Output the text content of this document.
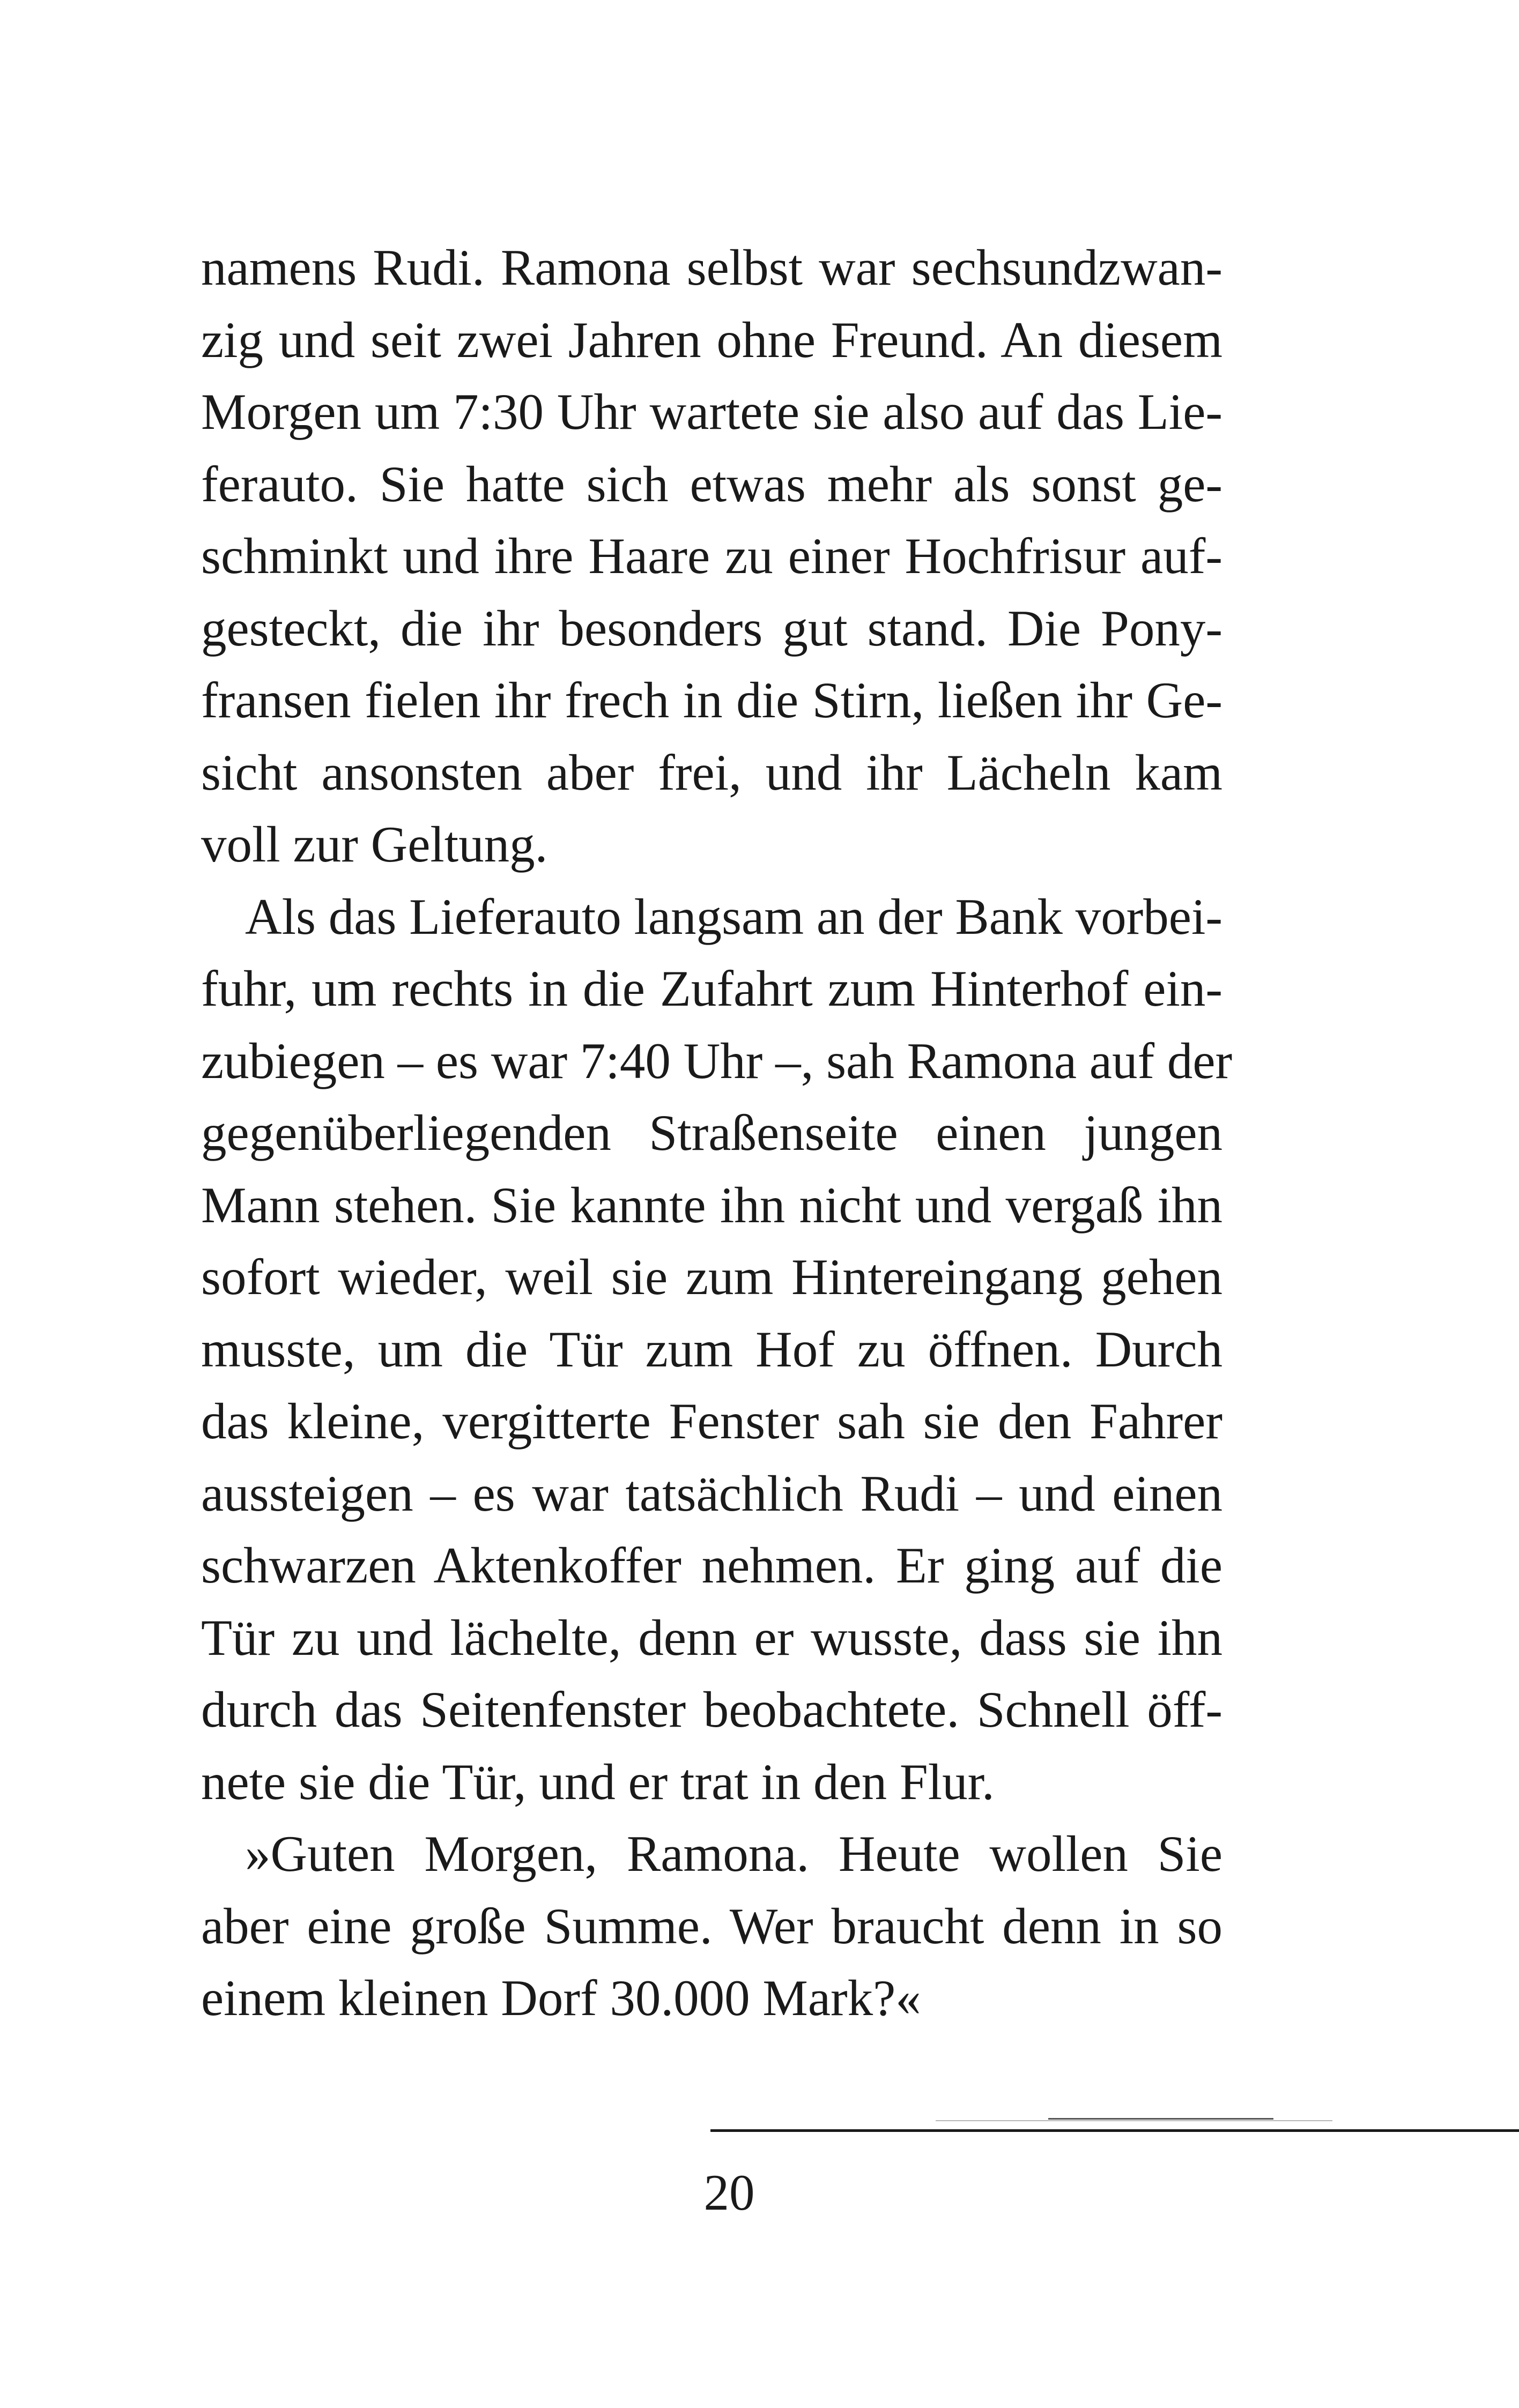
namens Rudi. Ramona selbst war sechsundzwan-
zig und seit zwei Jahren ohne Freund. An diesem
Morgen um 7:30 Uhr wartete sie also auf das Lie-
ferauto. Sie hatte sich etwas mehr als sonst ge-
schminkt und ihre Haare zu einer Hochfrisur auf-
gesteckt, die ihr besonders gut stand. Die Pony-
fransen fielen ihr frech in die Stirn, ließen ihr Ge-
sicht ansonsten aber frei, und ihr Lächeln kam
voll zur Geltung.
Als das Lieferauto langsam an der Bank vorbei-
fuhr, um rechts in die Zufahrt zum Hinterhof ein-
zubiegen – es war 7:40 Uhr –, sah Ramona auf der
gegenüberliegenden Straßenseite einen jungen
Mann stehen. Sie kannte ihn nicht und vergaß ihn
sofort wieder, weil sie zum Hintereingang gehen
musste, um die Tür zum Hof zu öffnen. Durch
das kleine, vergitterte Fenster sah sie den Fahrer
aussteigen – es war tatsächlich Rudi – und einen
schwarzen Aktenkoffer nehmen. Er ging auf die
Tür zu und lächelte, denn er wusste, dass sie ihn
durch das Seitenfenster beobachtete. Schnell öff-
nete sie die Tür, und er trat in den Flur.
»Guten Morgen, Ramona. Heute wollen Sie
aber eine große Summe. Wer braucht denn in so
einem kleinen Dorf 30.000 Mark?«
20
